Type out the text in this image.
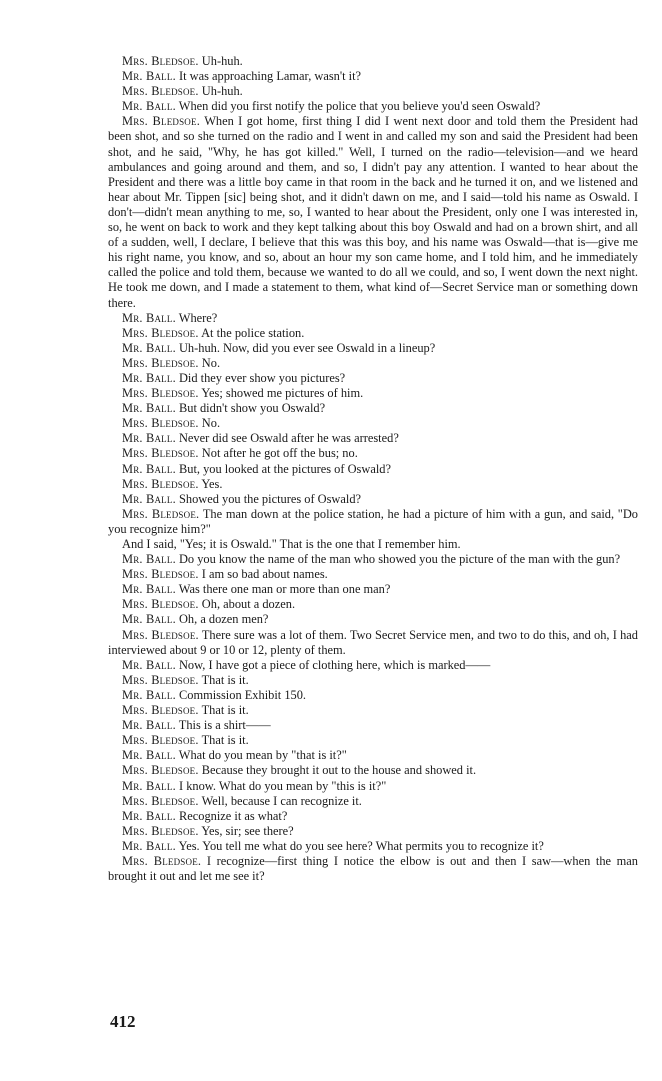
Mrs. Bledsoe. Uh-huh.

Mr. Ball. It was approaching Lamar, wasn't it?

Mrs. Bledsoe. Uh-huh.

Mr. Ball. When did you first notify the police that you believe you'd seen Oswald?

Mrs. Bledsoe. When I got home, first thing I did I went next door and told them the President had been shot, and so she turned on the radio and I went in and called my son and said the President had been shot, and he said, "Why, he has got killed." Well, I turned on the radio—television—and we heard ambulances and going around and them, and so, I didn't pay any attention. I wanted to hear about the President and there was a little boy came in that room in the back and he turned it on, and we listened and hear about Mr. Tippen [sic] being shot, and it didn't dawn on me, and I said—told his name as Oswald. I don't—didn't mean anything to me, so, I wanted to hear about the President, only one I was interested in, so, he went on back to work and they kept talking about this boy Oswald and had on a brown shirt, and all of a sudden, well, I declare, I believe that this was this boy, and his name was Oswald—that is—give me his right name, you know, and so, about an hour my son came home, and I told him, and he immediately called the police and told them, because we wanted to do all we could, and so, I went down the next night. He took me down, and I made a statement to them, what kind of—Secret Service man or something down there.

Mr. Ball. Where?

Mrs. Bledsoe. At the police station.

Mr. Ball. Uh-huh. Now, did you ever see Oswald in a lineup?

Mrs. Bledsoe. No.

Mr. Ball. Did they ever show you pictures?

Mrs. Bledsoe. Yes; showed me pictures of him.

Mr. Ball. But didn't show you Oswald?

Mrs. Bledsoe. No.

Mr. Ball. Never did see Oswald after he was arrested?

Mrs. Bledsoe. Not after he got off the bus; no.

Mr. Ball. But, you looked at the pictures of Oswald?

Mrs. Bledsoe. Yes.

Mr. Ball. Showed you the pictures of Oswald?

Mrs. Bledsoe. The man down at the police station, he had a picture of him with a gun, and said, "Do you recognize him?"

And I said, "Yes; it is Oswald." That is the one that I remember him.

Mr. Ball. Do you know the name of the man who showed you the picture of the man with the gun?

Mrs. Bledsoe. I am so bad about names.

Mr. Ball. Was there one man or more than one man?

Mrs. Bledsoe. Oh, about a dozen.

Mr. Ball. Oh, a dozen men?

Mrs. Bledsoe. There sure was a lot of them. Two Secret Service men, and two to do this, and oh, I had interviewed about 9 or 10 or 12, plenty of them.

Mr. Ball. Now, I have got a piece of clothing here, which is marked——

Mrs. Bledsoe. That is it.

Mr. Ball. Commission Exhibit 150.

Mrs. Bledsoe. That is it.

Mr. Ball. This is a shirt——

Mrs. Bledsoe. That is it.

Mr. Ball. What do you mean by "that is it?"

Mrs. Bledsoe. Because they brought it out to the house and showed it.

Mr. Ball. I know. What do you mean by "this is it?"

Mrs. Bledsoe. Well, because I can recognize it.

Mr. Ball. Recognize it as what?

Mrs. Bledsoe. Yes, sir; see there?

Mr. Ball. Yes. You tell me what do you see here? What permits you to recognize it?

Mrs. Bledsoe. I recognize—first thing I notice the elbow is out and then I saw—when the man brought it out and let me see it?

412
